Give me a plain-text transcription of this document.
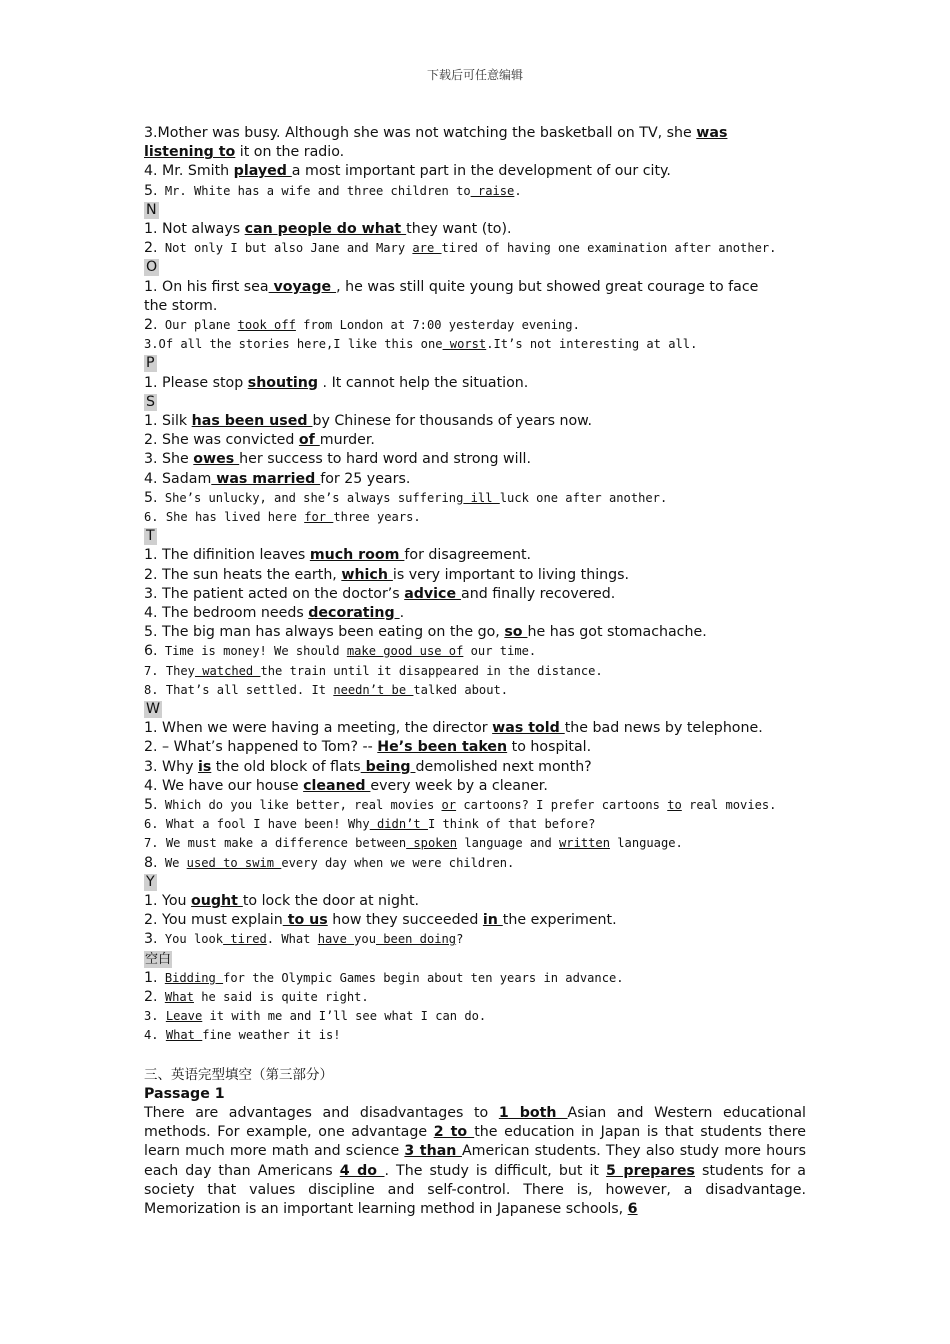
下载后可任意编辑

3.Mother was busy. Although she was not watching the basketball on TV, she was

listening to it on the radio.

4. Mr. Smith played a most important part in the development of our city.

5. Mr. White has a wife and three children to raise.

N

1. Not always can people do what they want (to).

2. Not only I but also Jane and Mary are tired of having one examination after another.

O

1. On his first sea voyage , he was still quite young but showed great courage to face

the storm.

2. Our plane took off from London at 7:00 yesterday evening.

3.Of all the stories here,I like this one worst.It’s not interesting at all.

P

1. Please stop shouting . It cannot help the situation.

S

1. Silk has been used by Chinese for thousands of years now.

2. She was convicted of murder.

3. She owes her success to hard word and strong will.

4. Sadam was married for 25 years.

5. She’s unlucky, and she’s always suffering ill luck one after another.

6. She has lived here for three years.

T

1. The difinition leaves much room for disagreement.

2. The sun heats the earth, which is very important to living things.

3. The patient acted on the doctor’s advice and finally recovered.

4. The bedroom needs decorating .

5. The big man has always been eating on the go, so he has got stomachache.

6. Time is money! We should make good use of our time.

7. They watched the train until it disappeared in the distance.

8. That’s all settled. It needn’t be talked about.

W

1. When we were having a meeting, the director was told the bad news by telephone.

2. – What’s happened to Tom? -- He’s been taken to hospital.

3. Why is the old block of flats being demolished next month?

4. We have our house cleaned every week by a cleaner.

5. Which do you like better, real movies or cartoons? I prefer cartoons to real movies.

6. What a fool I have been! Why didn’t I think of that before?

7. We must make a difference between spoken language and written language.

8. We used to swim every day when we were children.

Y

1. You ought to lock the door at night.

2. You must explain to us how they succeeded in the experiment.

3. You look tired. What have you been doing?

空白

1. Bidding for the Olympic Games begin about ten years in advance.

2. What he said is quite right.

3. Leave it with me and I’ll see what I can do.

4. What fine weather it is!

三、英语完型填空（第三部分）
Passage 1
There are advantages and disadvantages to 1 both Asian and Western educational methods. For example, one advantage 2 to the education in Japan is that students there learn much more math and science 3 than American students. They also study more hours each day than Americans 4 do . The study is difficult, but it 5 prepares students for a society that values discipline and self-control. There is, however, a disadvantage. Memorization is an important learning method in Japanese schools, 6
